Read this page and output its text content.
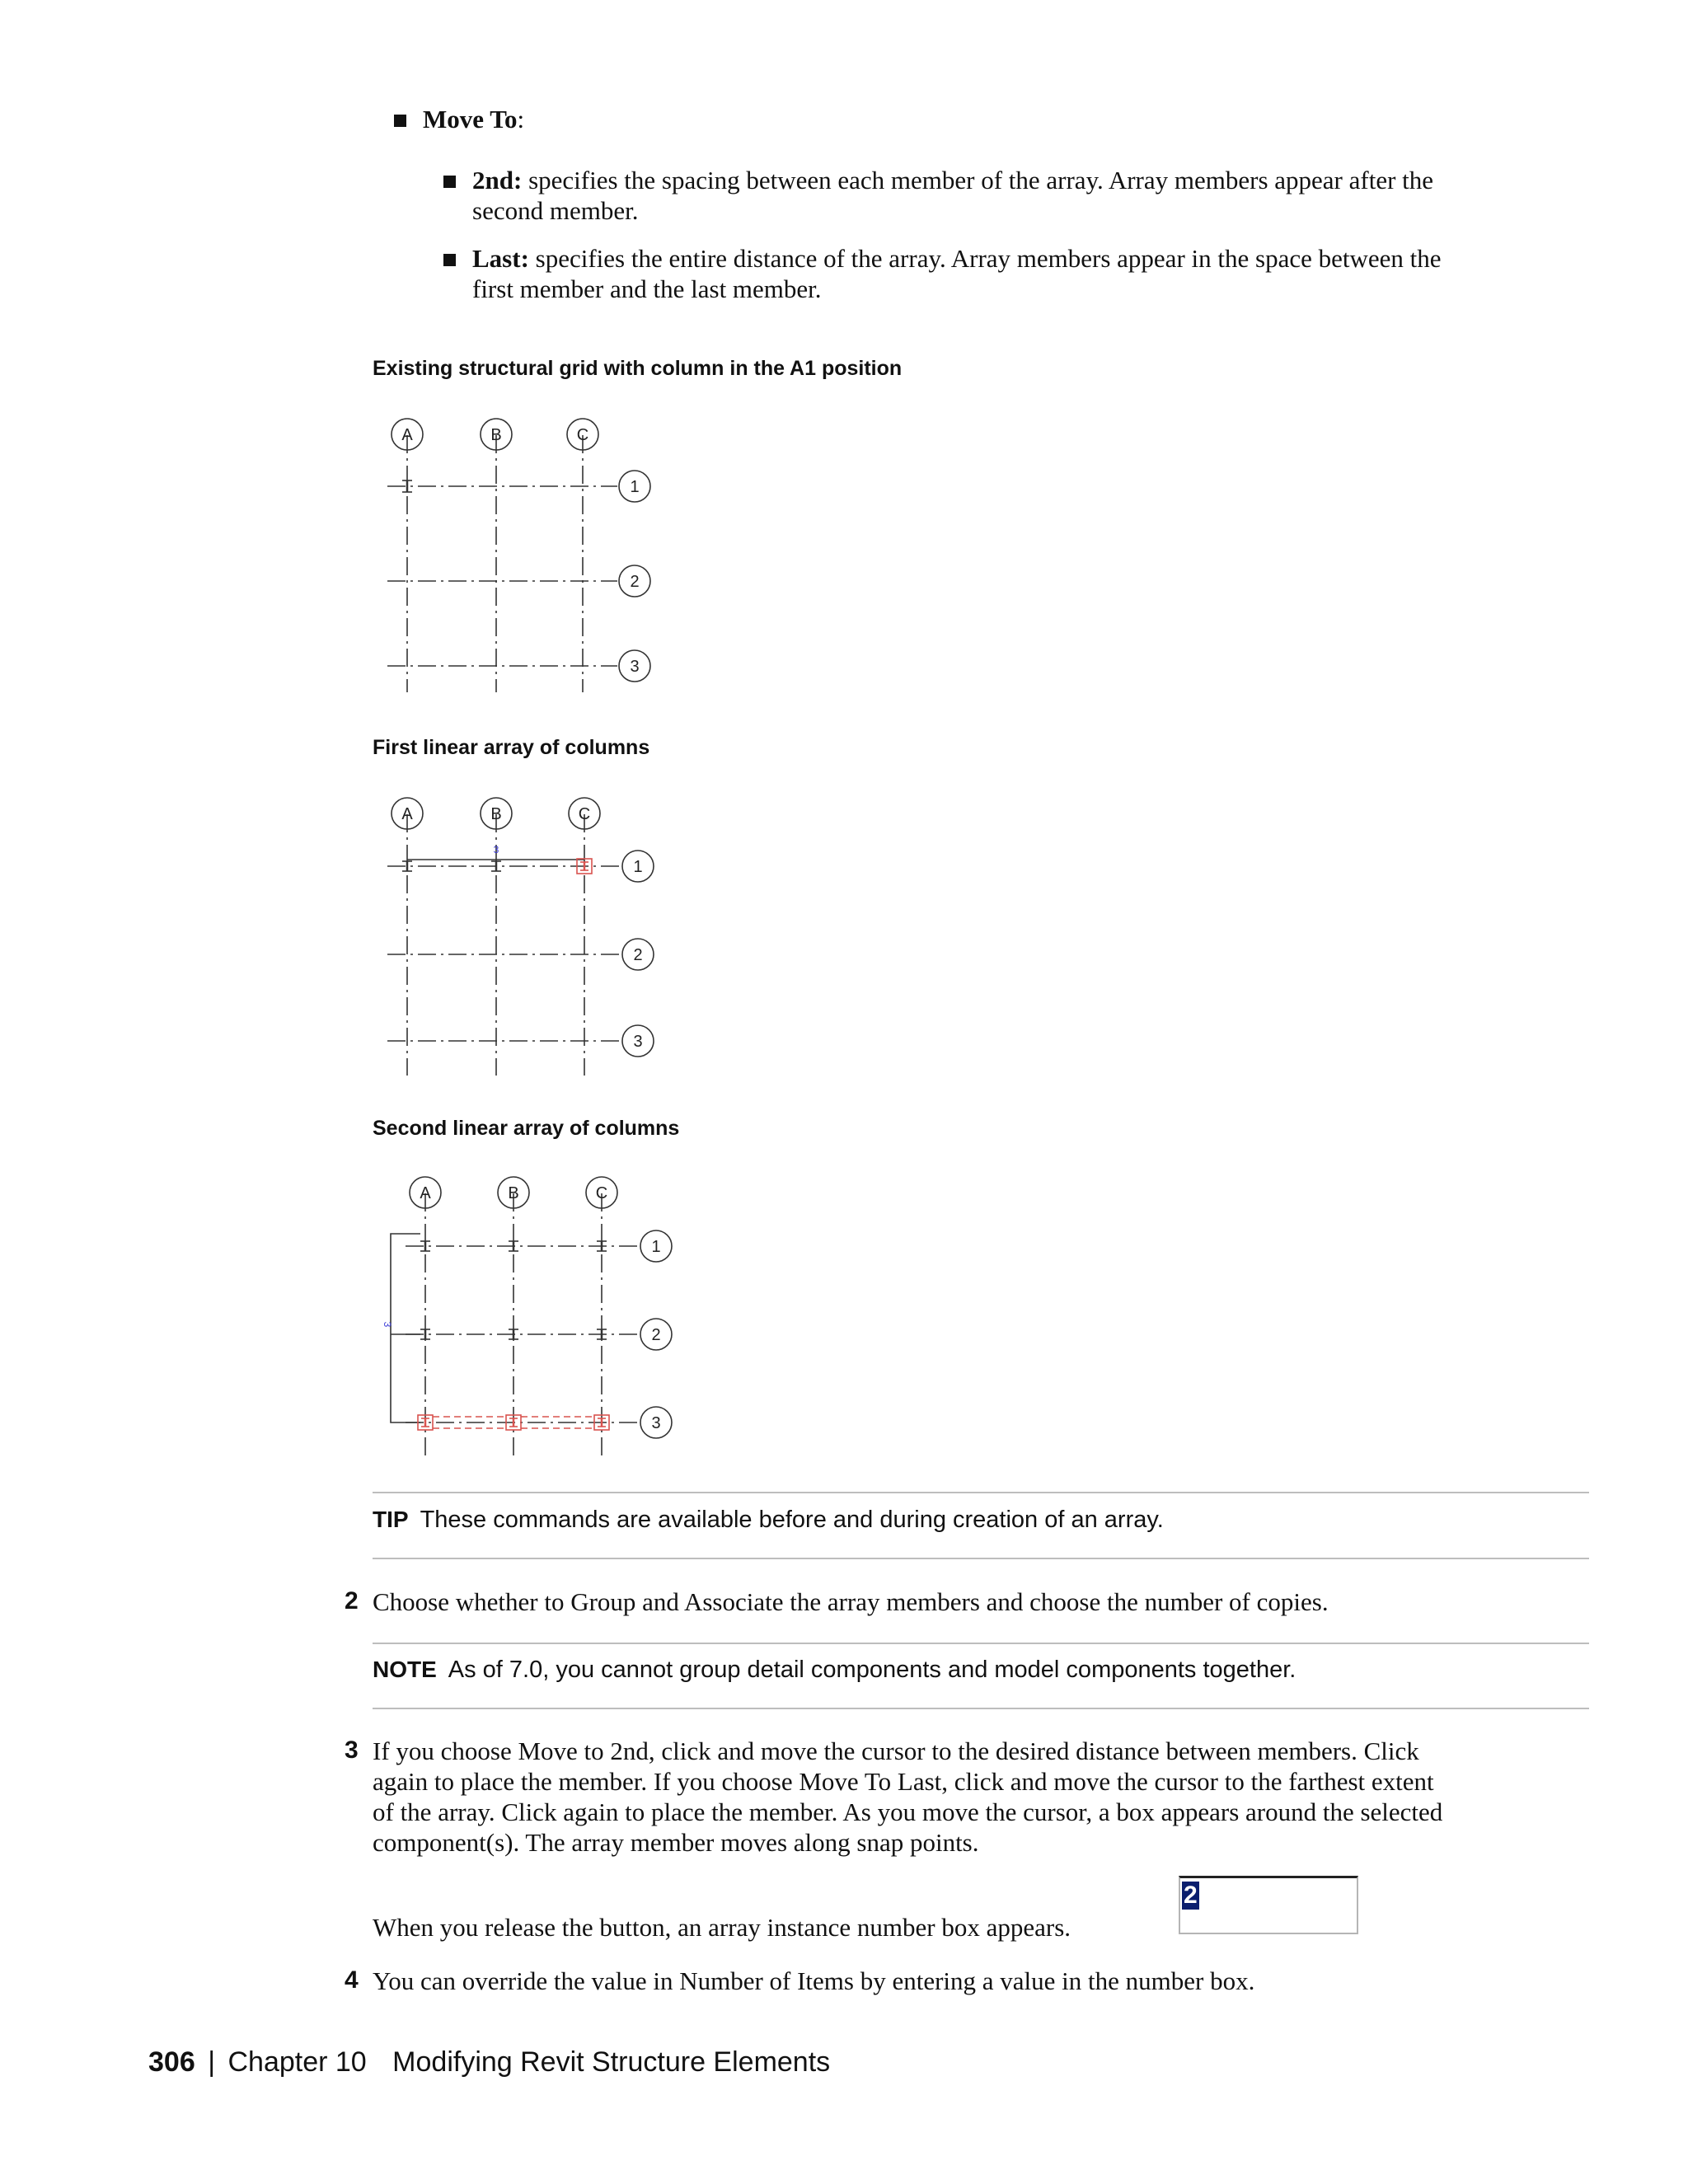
Move To:
2nd: specifies the spacing between each member of the array. Array members appear after the
second member.
Last: specifies the entire distance of the array. Array members appear in the space between the
first member and the last member.
Existing structural grid with column in the A1 position
A	B	C
1
2
3
First linear array of columns
3
A	B	C
1
2
3
Second linear array of columns
3
A	B	C
1
2
3
TIP These commands are available before and during creation of an array.
2 Choose whether to Group and Associate the array members and choose the number of copies.
NOTE As of 7.0, you cannot group detail components and model components together.
3 If you choose Move to 2nd, click and move the cursor to the desired distance between members. Click
again to place the member. If you choose Move To Last, click and move the cursor to the farthest extent
of the array. Click again to place the member. As you move the cursor, a box appears around the selected
component(s). The array member moves along snap points.
When you release the button, an array instance number box appears.
2
4 You can override the value in Number of Items by entering a value in the number box.
306 | Chapter 10 Modifying Revit Structure Elements
